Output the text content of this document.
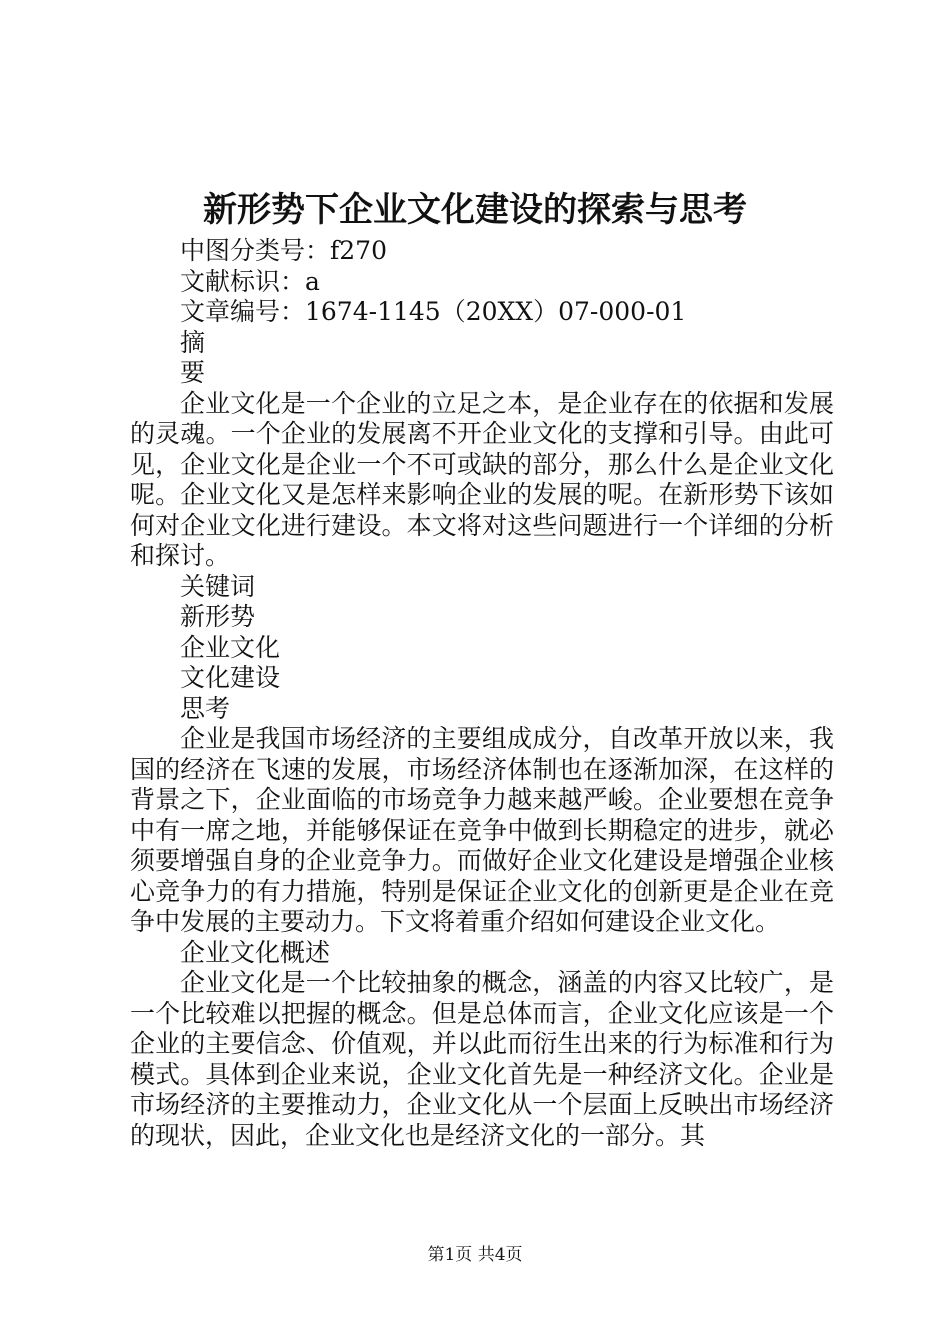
新形势下企业文化建设的探索与思考
中图分类号：f270
文献标识：a
文章编号：1674-1145（20XX）07-000-01
摘
要

企业文化是一个企业的立足之本，是企业存在的依据和发展的灵魂。一个企业的发展离不开企业文化的支撑和引导。由此可见，企业文化是企业一个不可或缺的部分，那么什么是企业文化呢。企业文化又是怎样来影响企业的发展的呢。在新形势下该如何对企业文化进行建设。本文将对这些问题进行一个详细的分析和探讨。

关键词
新形势
企业文化
文化建设
思考

企业是我国市场经济的主要组成成分，自改革开放以来，我国的经济在飞速的发展，市场经济体制也在逐渐加深，在这样的背景之下，企业面临的市场竞争力越来越严峻。企业要想在竞争中有一席之地，并能够保证在竞争中做到长期稳定的进步，就必须要增强自身的企业竞争力。而做好企业文化建设是增强企业核心竞争力的有力措施，特别是保证企业文化的创新更是企业在竞争中发展的主要动力。下文将着重介绍如何建设企业文化。

企业文化概述

企业文化是一个比较抽象的概念，涵盖的内容又比较广，是一个比较难以把握的概念。但是总体而言，企业文化应该是一个企业的主要信念、价值观，并以此而衍生出来的行为标准和行为模式。具体到企业来说，企业文化首先是一种经济文化。企业是市场经济的主要推动力，企业文化从一个层面上反映出市场经济的现状，因此，企业文化也是经济文化的一部分。其

第1页 共4页
